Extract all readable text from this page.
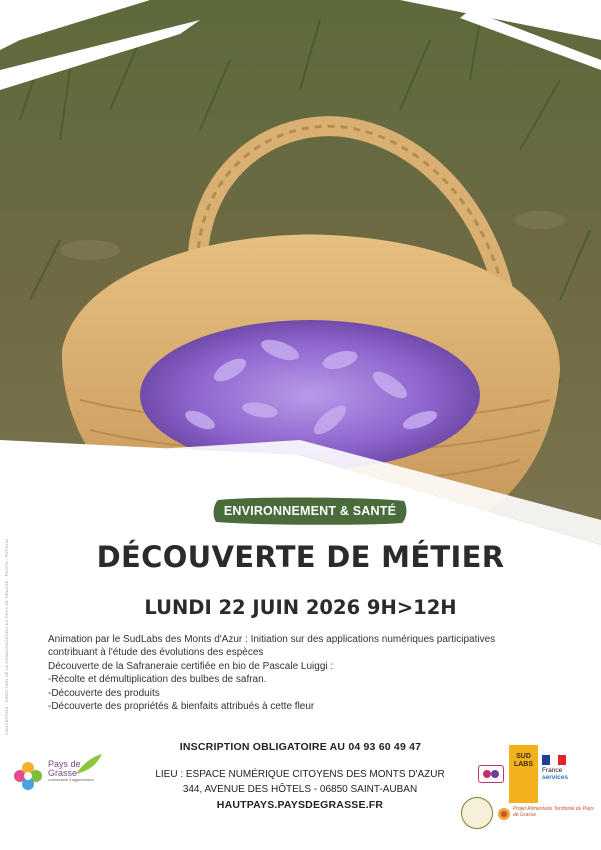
ENVIRONNEMENT & SANTÉ
DÉCOUVERTE DE MÉTIER
LUNDI 22 JUIN 2026 9H>12H
Animation par le SudLabs des Monts d'Azur : Initiation sur des applications numériques participatives
contribuant à l'étude des évolutions des espèces
Découverte de la Safraneraie certifiée en bio de Pascale Luiggi :
-Récolte et démultiplication des bulbes de safran.
-Découverte des produits
-Découverte des propriétés & bienfaits attribués à cette fleur
INSCRIPTION OBLIGATOIRE AU 04 93 60 49 47
LIEU : ESPACE NUMÉRIQUE CITOYENS DES MONTS D'AZUR
344, AVENUE DES HÔTELS - 06850 SAINT-AUBAN
HAUTPAYS.PAYSDEGRASSE.FR
CONCEPTION : DIRECTION DE LA COMMUNICATION DU PAYS DE GRASSE · PHOTO : FOTOLIA
Pays de Grasse
communauté d'agglomération
SUD LABS
France
services
Projet Alimentaire Territorial du Pays de Grasse
